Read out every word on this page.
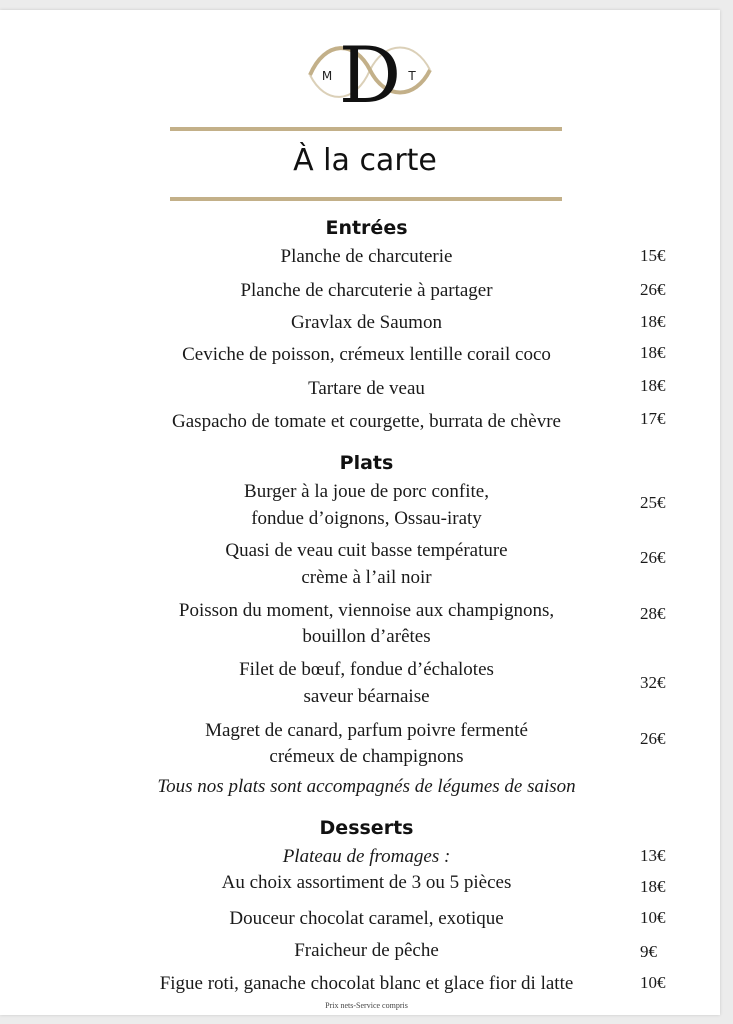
D
M	T
À la carte
Entrées
Planche de charcuterie	15€
Planche de charcuterie à partager	26€
Gravlax de Saumon	18€
Ceviche de poisson, crémeux lentille corail coco	18€
Tartare de veau	18€
Gaspacho de tomate et courgette, burrata de chèvre	17€
Plats
Burger à la joue de porc confite,
fondue d’oignons, Ossau-iraty
25€
Quasi de veau cuit basse température
crème à l’ail noir
26€
Poisson du moment, viennoise aux champignons,
bouillon d’arêtes
28€
Filet de bœuf, fondue d’échalotes
saveur béarnaise
32€
Magret de canard, parfum poivre fermenté
crémeux de champignons
26€
Tous nos plats sont accompagnés de légumes de saison
Desserts
Plateau de fromages :	13€
Au choix assortiment de 3 ou 5 pièces	18€
Douceur chocolat caramel, exotique	10€
Fraicheur de pêche	9€
Figue roti, ganache chocolat blanc et glace fior di latte	10€
Prix nets-Service compris
